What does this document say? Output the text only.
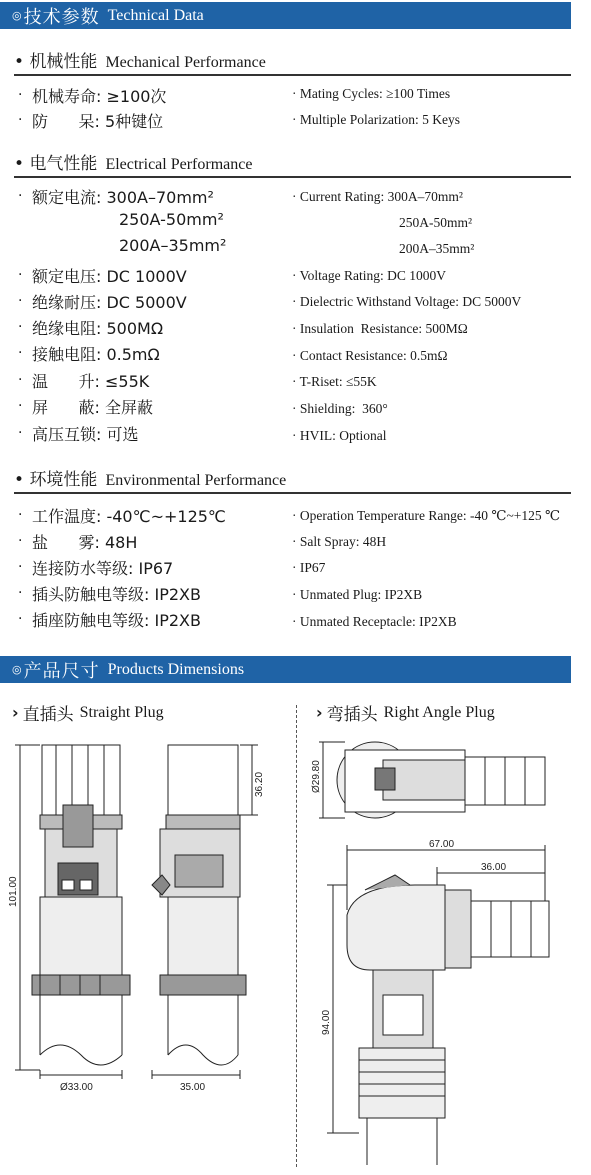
◎ 技术参数 Technical Data
• 机械性能 Mechanical Performance
· 机械寿命: ≥100次
· 防      呆: 5种键位
· Mating Cycles: ≥100 Times
· Multiple Polarization: 5 Keys
• 电气性能 Electrical Performance
· 额定电流: 300A–70mm²
250A-50mm²
200A–35mm²
· Current Rating: 300A–70mm²
250A-50mm²
200A–35mm²
· 额定电压: DC 1000V
· 绝缘耐压: DC 5000V
· 绝缘电阻: 500MΩ
· 接触电阻: 0.5mΩ
· 温      升: ≤55K
· 屏      蔽: 全屏蔽
· 高压互锁: 可选
· Voltage Rating: DC 1000V
· Dielectric Withstand Voltage: DC 5000V
· Insulation  Resistance: 500MΩ
· Contact Resistance: 0.5mΩ
· T-Riset: ≤55K
· Shielding:  360°
· HVIL: Optional
• 环境性能 Environmental Performance
· 工作温度: -40℃~+125℃
· 盐      雾: 48H
· 连接防水等级: IP67
· 插头防触电等级: IP2XB
· 插座防触电等级: IP2XB
· Operation Temperature Range: -40 ℃~+125 ℃
· Salt Spray: 48H
· IP67
· Unmated Plug: IP2XB
· Unmated Receptacle: IP2XB
◎ 产品尺寸 Products Dimensions
› 直插头 Straight Plug	› 弯插头 Right Angle Plug
101.00
36.20
Ø33.00	35.00
Ø29.80
67.00
36.00
94.00
